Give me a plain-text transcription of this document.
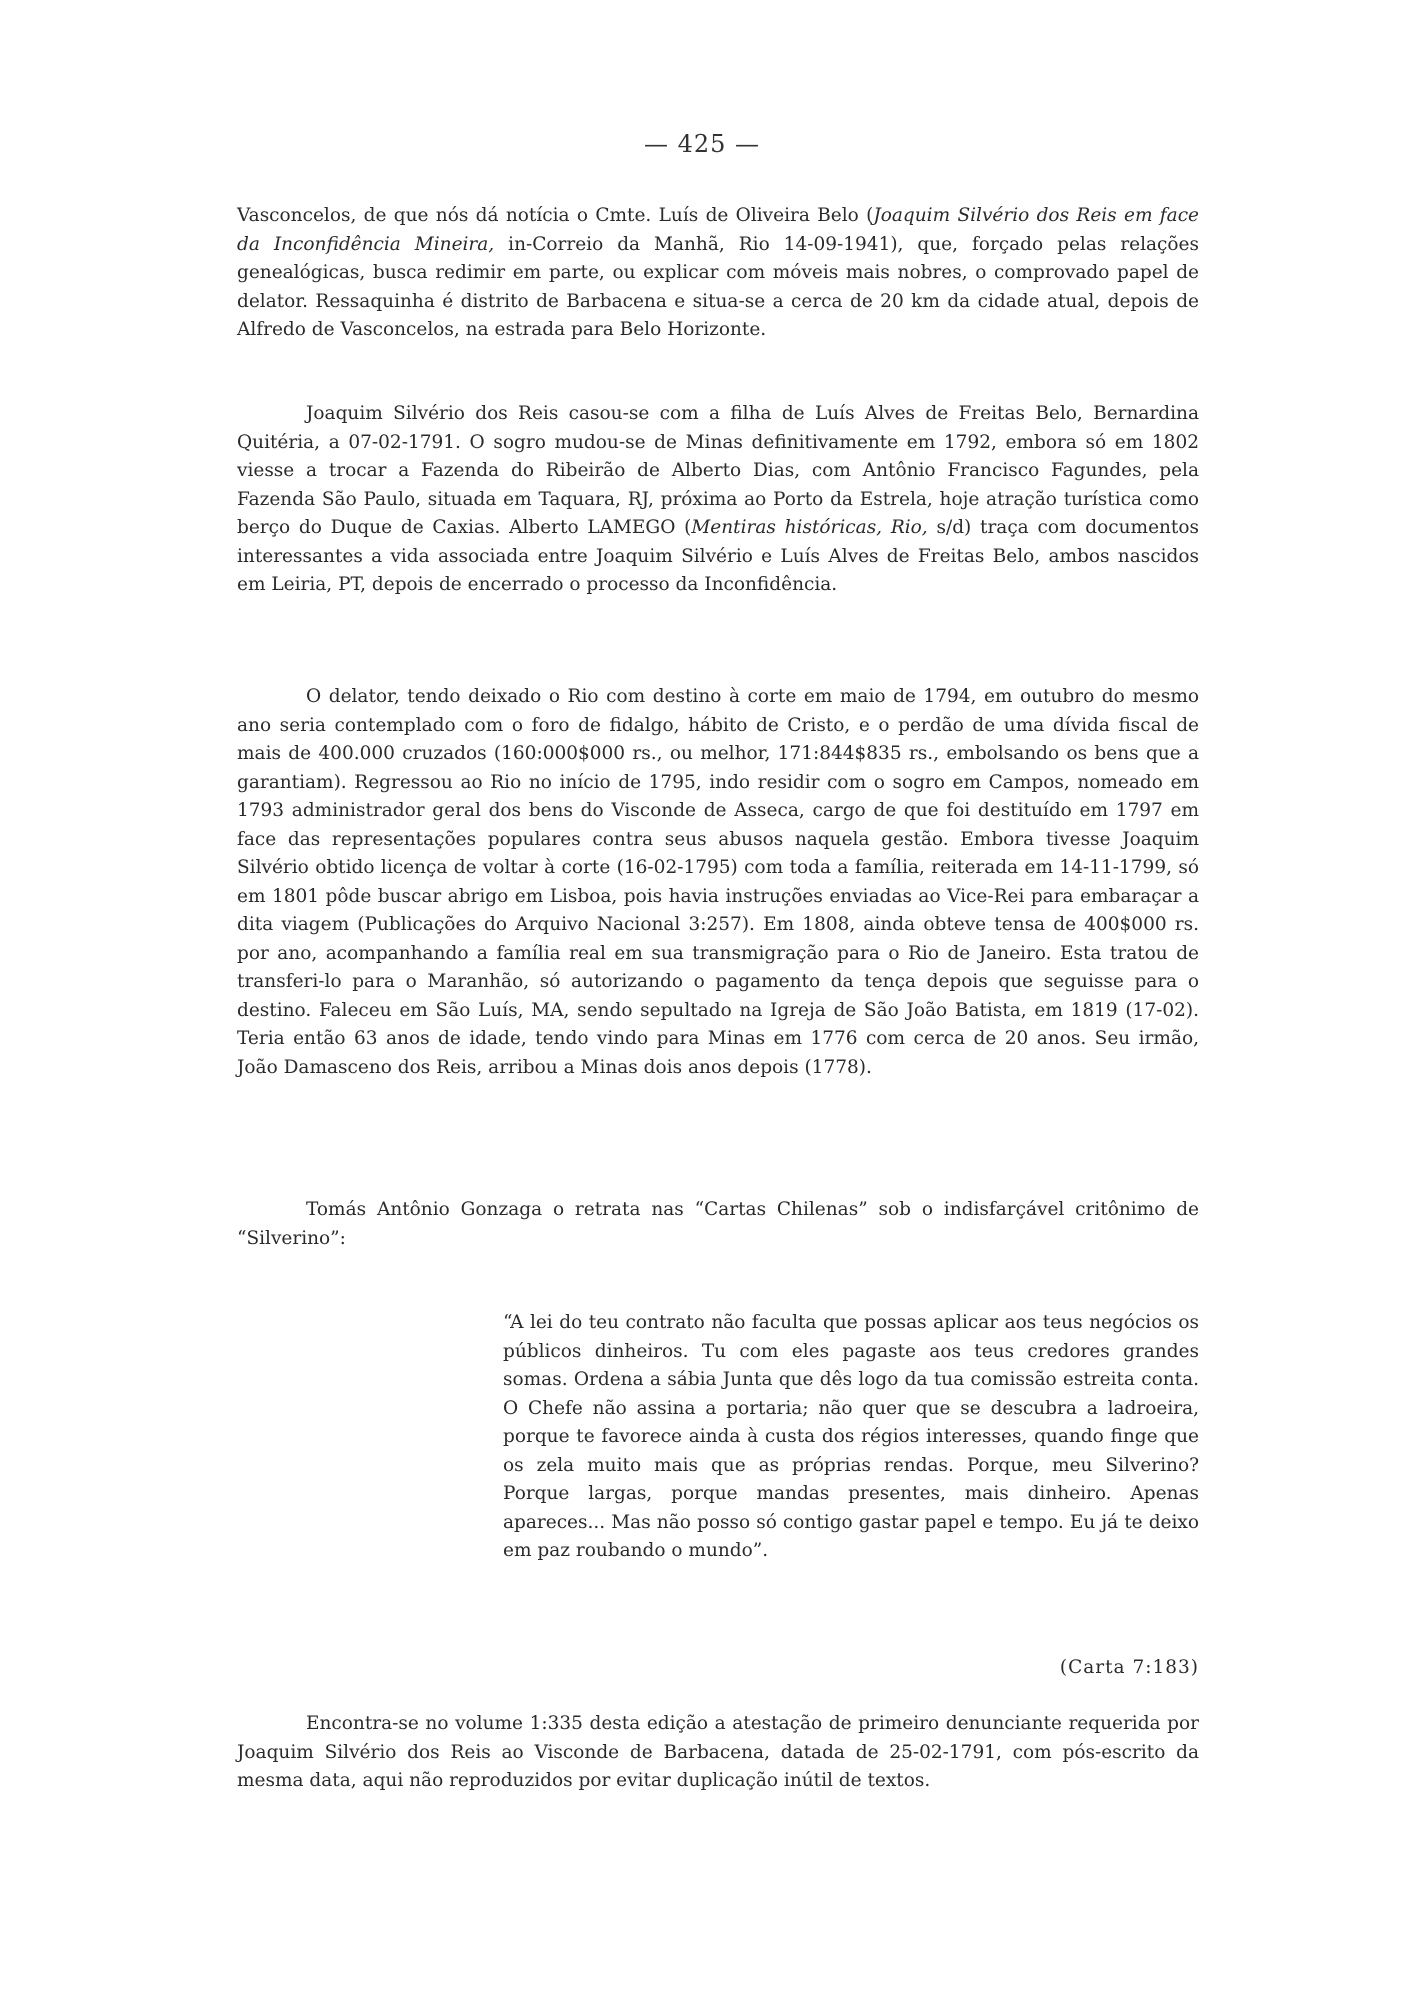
— 425 —

Vasconcelos, de que nós dá notícia o Cmte. Luís de Oliveira Belo (Joaquim Silvério dos Reis em face da Inconfidência Mineira, in-Correio da Manhã, Rio 14-09-1941), que, forçado pelas relações genealógicas, busca redimir em parte, ou explicar com móveis mais nobres, o comprovado papel de delator. Ressaquinha é distrito de Barbacena e situa-se a cerca de 20 km da cidade atual, depois de Alfredo de Vasconcelos, na estrada para Belo Horizonte.

Joaquim Silvério dos Reis casou-se com a filha de Luís Alves de Freitas Belo, Bernardina Quitéria, a 07-02-1791. O sogro mudou-se de Minas definitivamente em 1792, embora só em 1802 viesse a trocar a Fazenda do Ribeirão de Alberto Dias, com Antônio Francisco Fagundes, pela Fazenda São Paulo, situada em Taquara, RJ, próxima ao Porto da Estrela, hoje atração turística como berço do Duque de Caxias. Alberto LAMEGO (Mentiras históricas, Rio, s/d) traça com documentos interessantes a vida associada entre Joaquim Silvério e Luís Alves de Freitas Belo, ambos nascidos em Leiria, PT, depois de encerrado o processo da Inconfidência.

O delator, tendo deixado o Rio com destino à corte em maio de 1794, em outubro do mesmo ano seria contemplado com o foro de fidalgo, hábito de Cristo, e o perdão de uma dívida fiscal de mais de 400.000 cruzados (160:000$000 rs., ou melhor, 171:844$835 rs., embolsando os bens que a garantiam). Regressou ao Rio no início de 1795, indo residir com o sogro em Campos, nomeado em 1793 administrador geral dos bens do Visconde de Asseca, cargo de que foi destituído em 1797 em face das representações populares contra seus abusos naquela gestão. Embora tivesse Joaquim Silvério obtido licença de voltar à corte (16-02-1795) com toda a família, reiterada em 14-11-1799, só em 1801 pôde buscar abrigo em Lisboa, pois havia instruções enviadas ao Vice-Rei para embaraçar a dita viagem (Publicações do Arquivo Nacional 3:257). Em 1808, ainda obteve tensa de 400$000 rs. por ano, acompanhando a família real em sua transmigração para o Rio de Janeiro. Esta tratou de transferi-lo para o Maranhão, só autorizando o pagamento da tença depois que seguisse para o destino. Faleceu em São Luís, MA, sendo sepultado na Igreja de São João Batista, em 1819 (17-02). Teria então 63 anos de idade, tendo vindo para Minas em 1776 com cerca de 20 anos. Seu irmão, João Damasceno dos Reis, arribou a Minas dois anos depois (1778).

Tomás Antônio Gonzaga o retrata nas “Cartas Chilenas” sob o indisfarçável critônimo de “Silverino”:

“A lei do teu contrato não faculta que possas aplicar aos teus negócios os públicos dinheiros. Tu com eles pagaste aos teus credores grandes somas. Ordena a sábia Junta que dês logo da tua comissão estreita conta. O Chefe não assina a portaria; não quer que se descubra a ladroeira, porque te favorece ainda à custa dos régios interesses, quando finge que os zela muito mais que as próprias rendas. Porque, meu Silverino? Porque largas, porque mandas presentes, mais dinheiro. Apenas apareces... Mas não posso só contigo gastar papel e tempo. Eu já te deixo em paz roubando o mundo”.

(Carta 7:183)

Encontra-se no volume 1:335 desta edição a atestação de primeiro denunciante requerida por Joaquim Silvério dos Reis ao Visconde de Barbacena, datada de 25-02-1791, com pós-escrito da mesma data, aqui não reproduzidos por evitar duplicação inútil de textos.
